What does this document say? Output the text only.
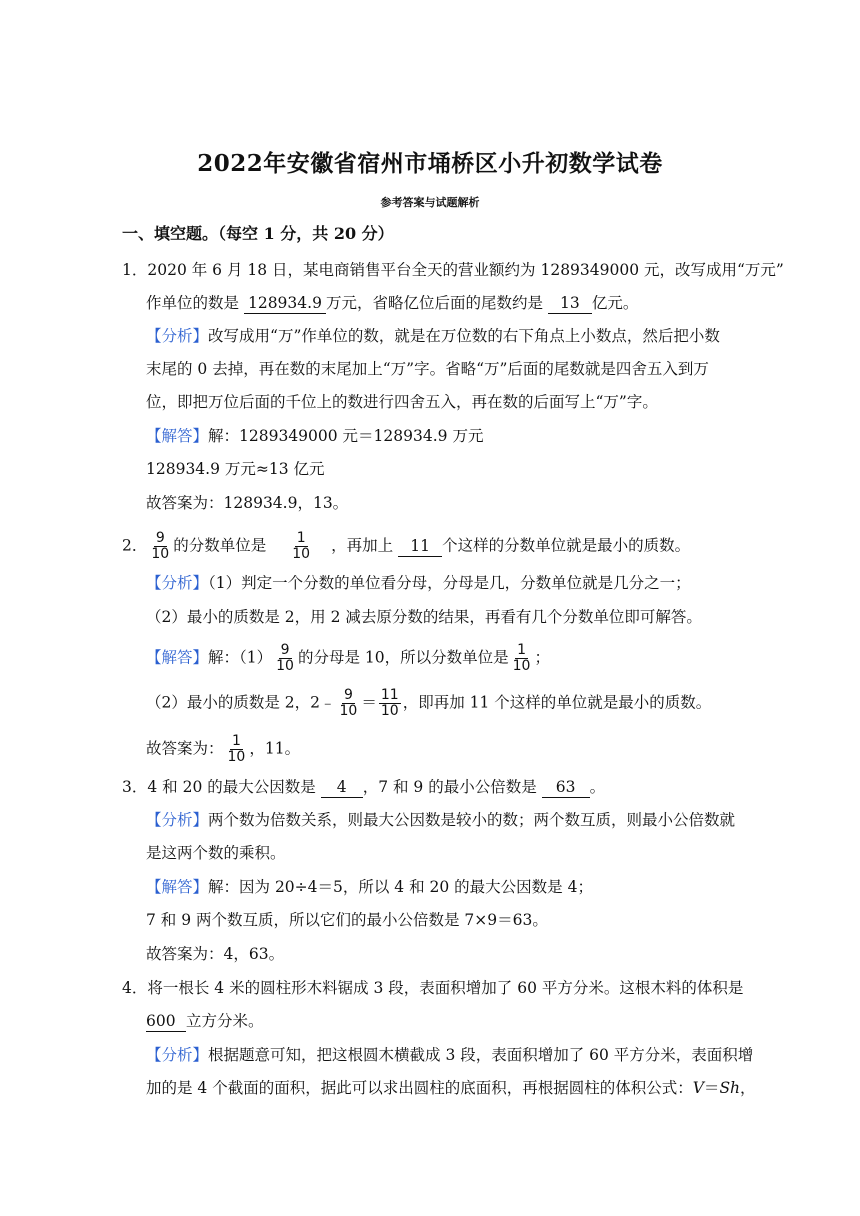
2022年安徽省宿州市埇桥区小升初数学试卷
参考答案与试题解析
一、填空题。（每空 1 分，共 20 分）
1．2020 年 6 月 18 日，某电商销售平台全天的营业额约为 1289349000 元，改写成用“万元”
作单位的数是 128934.9 万元，省略亿位后面的尾数约是 13 亿元。
【分析】改写成用“万”作单位的数，就是在万位数的右下角点上小数点，然后把小数
末尾的 0 去掉，再在数的末尾加上“万”字。省略“万”后面的尾数就是四舍五入到万
位，即把万位后面的千位上的数进行四舍五入，再在数的后面写上“万”字。
【解答】解：1289349000 元＝128934.9 万元
128934.9 万元≈13 亿元
故答案为：128934.9，13。
2． $\frac{9}{10}$ 的分数单位是 $\frac{1}{10}$ ，再加上 11 个这样的分数单位就是最小的质数。
【分析】（1）判定一个分数的单位看分母，分母是几，分数单位就是几分之一；
（2）最小的质数是 2，用 2 减去原分数的结果，再看有几个分数单位即可解答。
【解答】解：$(1) \frac{9}{10}$ 的分母是 10，所以分数单位是 $\frac{1}{10}$ ；
（2）最小的质数是 2，2﹣ $\frac{9}{10} = \frac{11}{10}$ ，即再加 11 个这样的单位就是最小的质数。
故答案为： $\frac{1}{10}$ ，11。
3．4 和 20 的最大公因数是 4 ，7 和 9 的最小公倍数是 63 。
【分析】两个数为倍数关系，则最大公因数是较小的数；两个数互质，则最小公倍数就
是这两个数的乘积。
【解答】解：因为 20÷4＝5，所以 4 和 20 的最大公因数是 4；
7 和 9 两个数互质，所以它们的最小公倍数是 7×9＝63。
故答案为：4，63。
4．将一根长 4 米的圆柱形木料锯成 3 段，表面积增加了 60 平方分米。这根木料的体积是
600 立方分米。
【分析】根据题意可知，把这根圆木横截成 3 段，表面积增加了 60 平方分米，表面积增
加的是 4 个截面的面积，据此可以求出圆柱的底面积，再根据圆柱的体积公式：V＝Sh，
